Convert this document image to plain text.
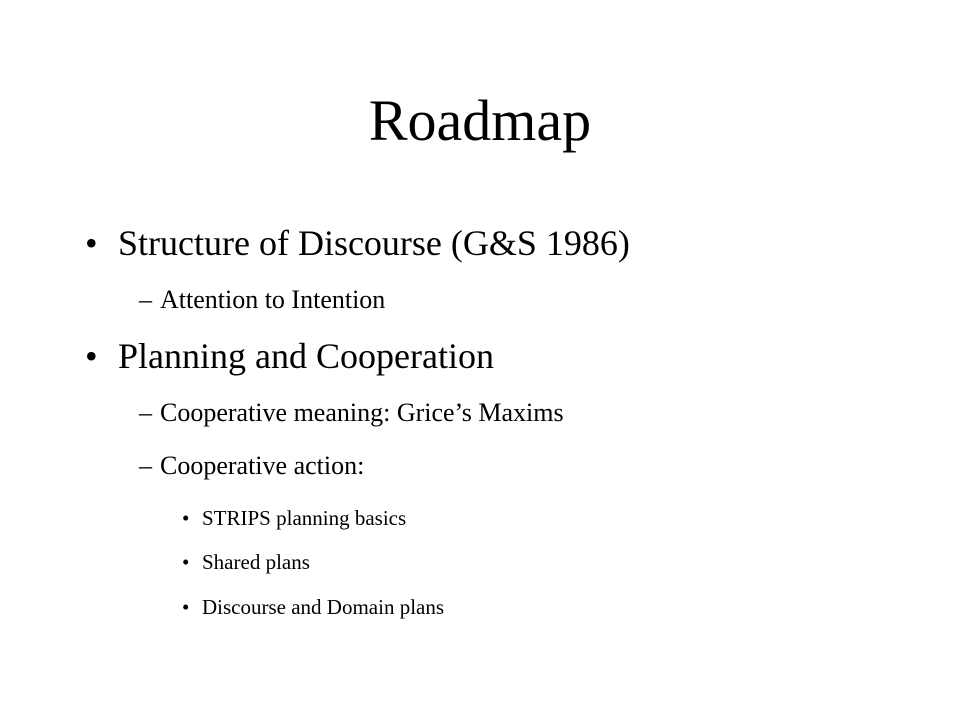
Roadmap
• Structure of Discourse (G&S 1986)
– Attention to Intention
• Planning and Cooperation
– Cooperative meaning: Grice’s Maxims
– Cooperative action:
• STRIPS planning basics
• Shared plans
• Discourse and Domain plans
